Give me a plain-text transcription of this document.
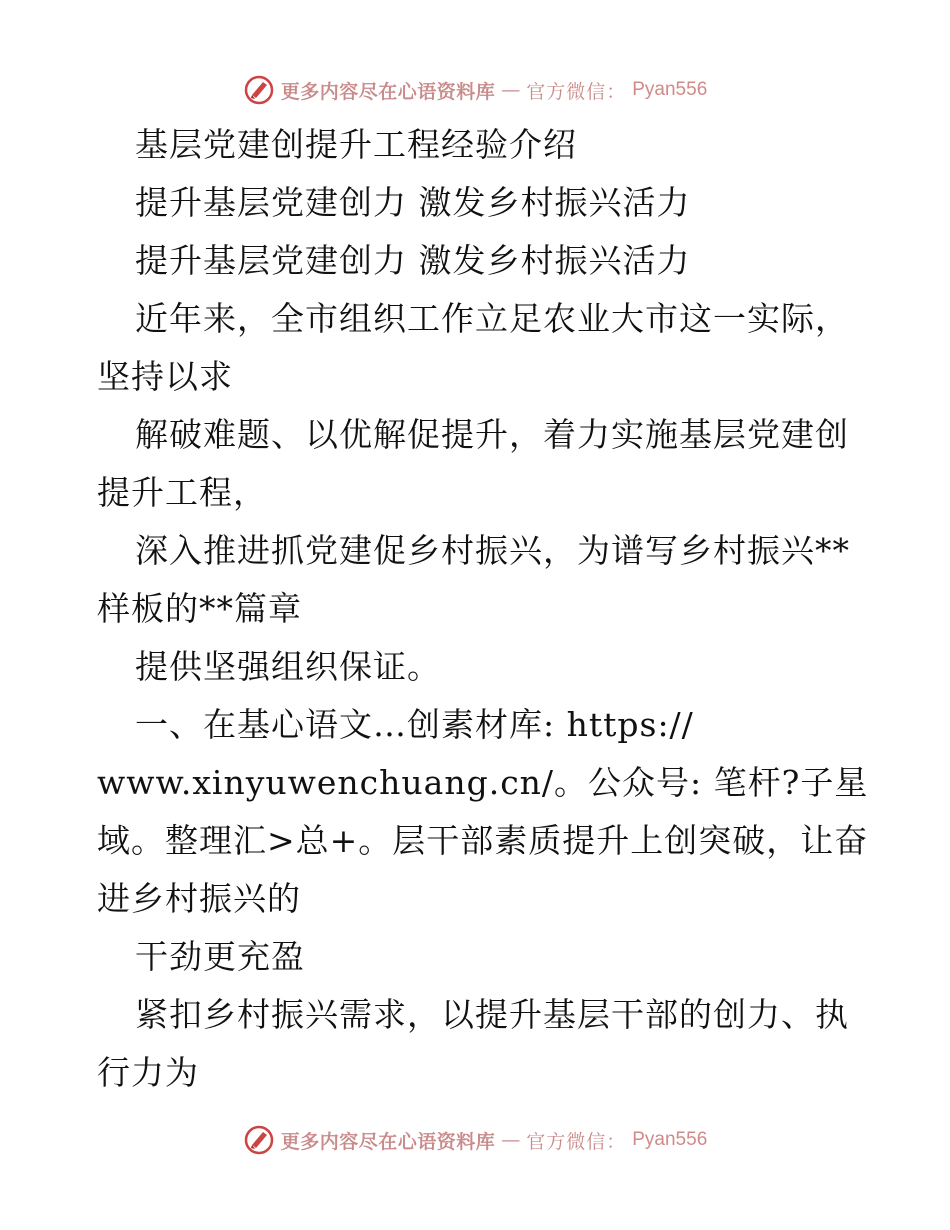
更多内容尽在心语资料库 — 官方微信： Pyan556
基层党建创提升工程经验介绍
提升基层党建创力 激发乡村振兴活力
提升基层党建创力 激发乡村振兴活力
近年来，全市组织工作立足农业大市这一实际，
坚持以求
解破难题、以优解促提升，着力实施基层党建创
提升工程，
深入推进抓党建促乡村振兴，为谱写乡村振兴**
样板的**篇章
提供坚强组织保证。
一、在基心语文…创素材库: https://
www.xinyuwenchuang.cn/。公众号: 笔杆?子星
域。整理汇>总+。层干部素质提升上创突破，让奋
进乡村振兴的
干劲更充盈
紧扣乡村振兴需求，以提升基层干部的创力、执
行力为
更多内容尽在心语资料库 — 官方微信： Pyan556
